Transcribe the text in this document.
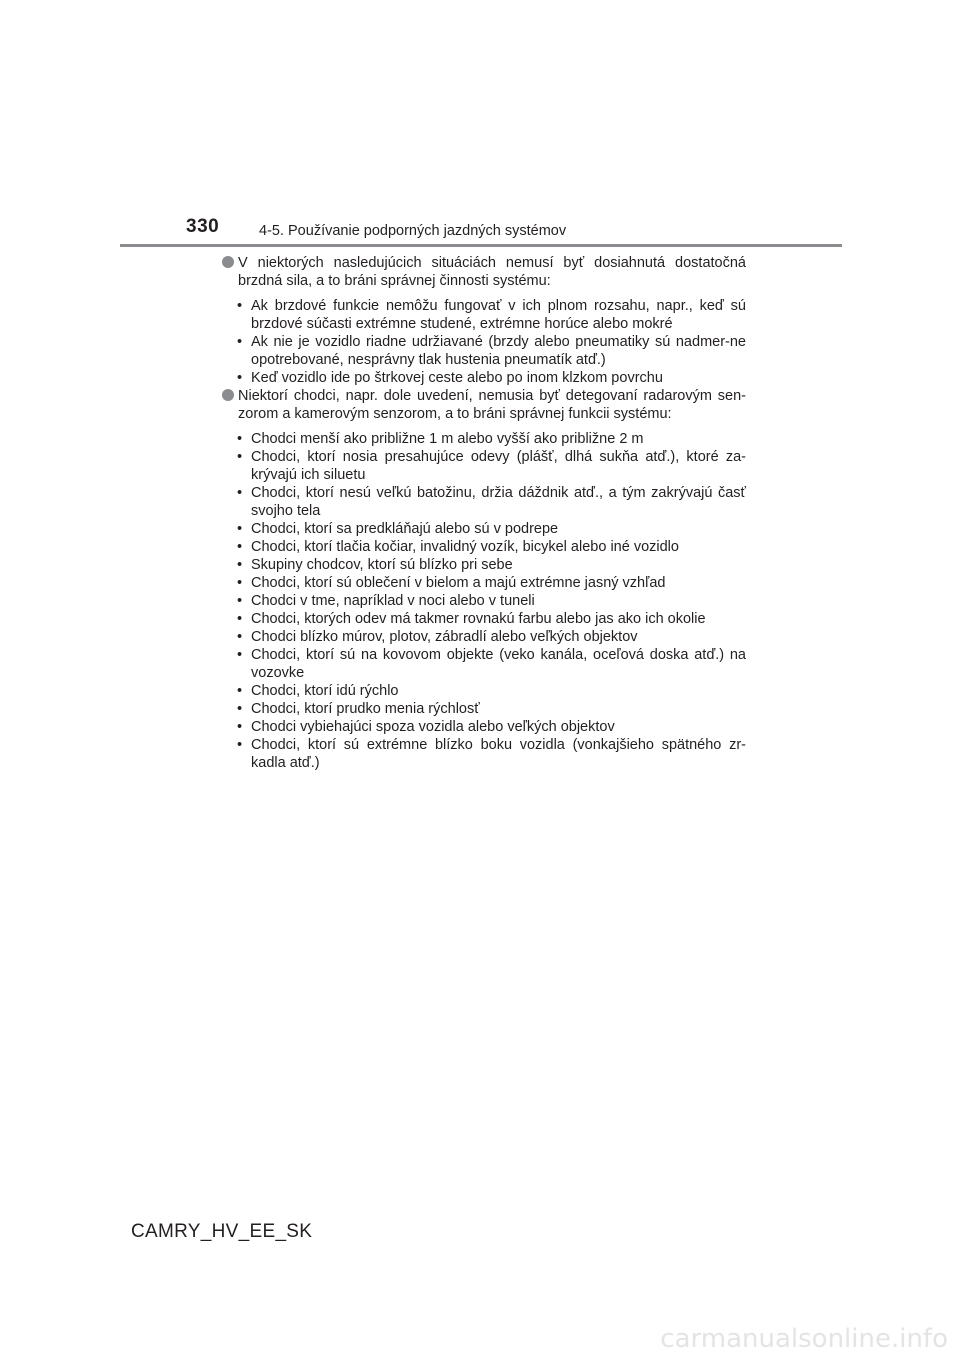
330	4-5. Používanie podporných jazdných systémov

V niektorých nasledujúcich situáciách nemusí byť dosiahnutá dostatočná brzdná sila, a to bráni správnej činnosti systému:

• Ak brzdové funkcie nemôžu fungovať v ich plnom rozsahu, napr., keď sú brzdové súčasti extrémne studené, extrémne horúce alebo mokré
• Ak nie je vozidlo riadne udržiavané (brzdy alebo pneumatiky sú nadmer-ne opotrebované, nesprávny tlak hustenia pneumatík atď.)
• Keď vozidlo ide po štrkovej ceste alebo po inom klzkom povrchu

Niektorí chodci, napr. dole uvedení, nemusia byť detegovaní radarovým sen-zorom a kamerovým senzorom, a to bráni správnej funkcii systému:

• Chodci menší ako približne 1 m alebo vyšší ako približne 2 m
• Chodci, ktorí nosia presahujúce odevy (plášť, dlhá sukňa atď.), ktoré za-krývajú ich siluetu
• Chodci, ktorí nesú veľkú batožinu, držia dáždnik atď., a tým zakrývajú časť svojho tela
• Chodci, ktorí sa predkláňajú alebo sú v podrepe
• Chodci, ktorí tlačia kočiar, invalidný vozík, bicykel alebo iné vozidlo
• Skupiny chodcov, ktorí sú blízko pri sebe
• Chodci, ktorí sú oblečení v bielom a majú extrémne jasný vzhľad
• Chodci v tme, napríklad v noci alebo v tuneli
• Chodci, ktorých odev má takmer rovnakú farbu alebo jas ako ich okolie
• Chodci blízko múrov, plotov, zábradlí alebo veľkých objektov
• Chodci, ktorí sú na kovovom objekte (veko kanála, oceľová doska atď.) na vozovke
• Chodci, ktorí idú rýchlo
• Chodci, ktorí prudko menia rýchlosť
• Chodci vybiehajúci spoza vozidla alebo veľkých objektov
• Chodci, ktorí sú extrémne blízko boku vozidla (vonkajšieho spätného zr-kadla atď.)
CAMRY_HV_EE_SK
carmanualsonline.info
